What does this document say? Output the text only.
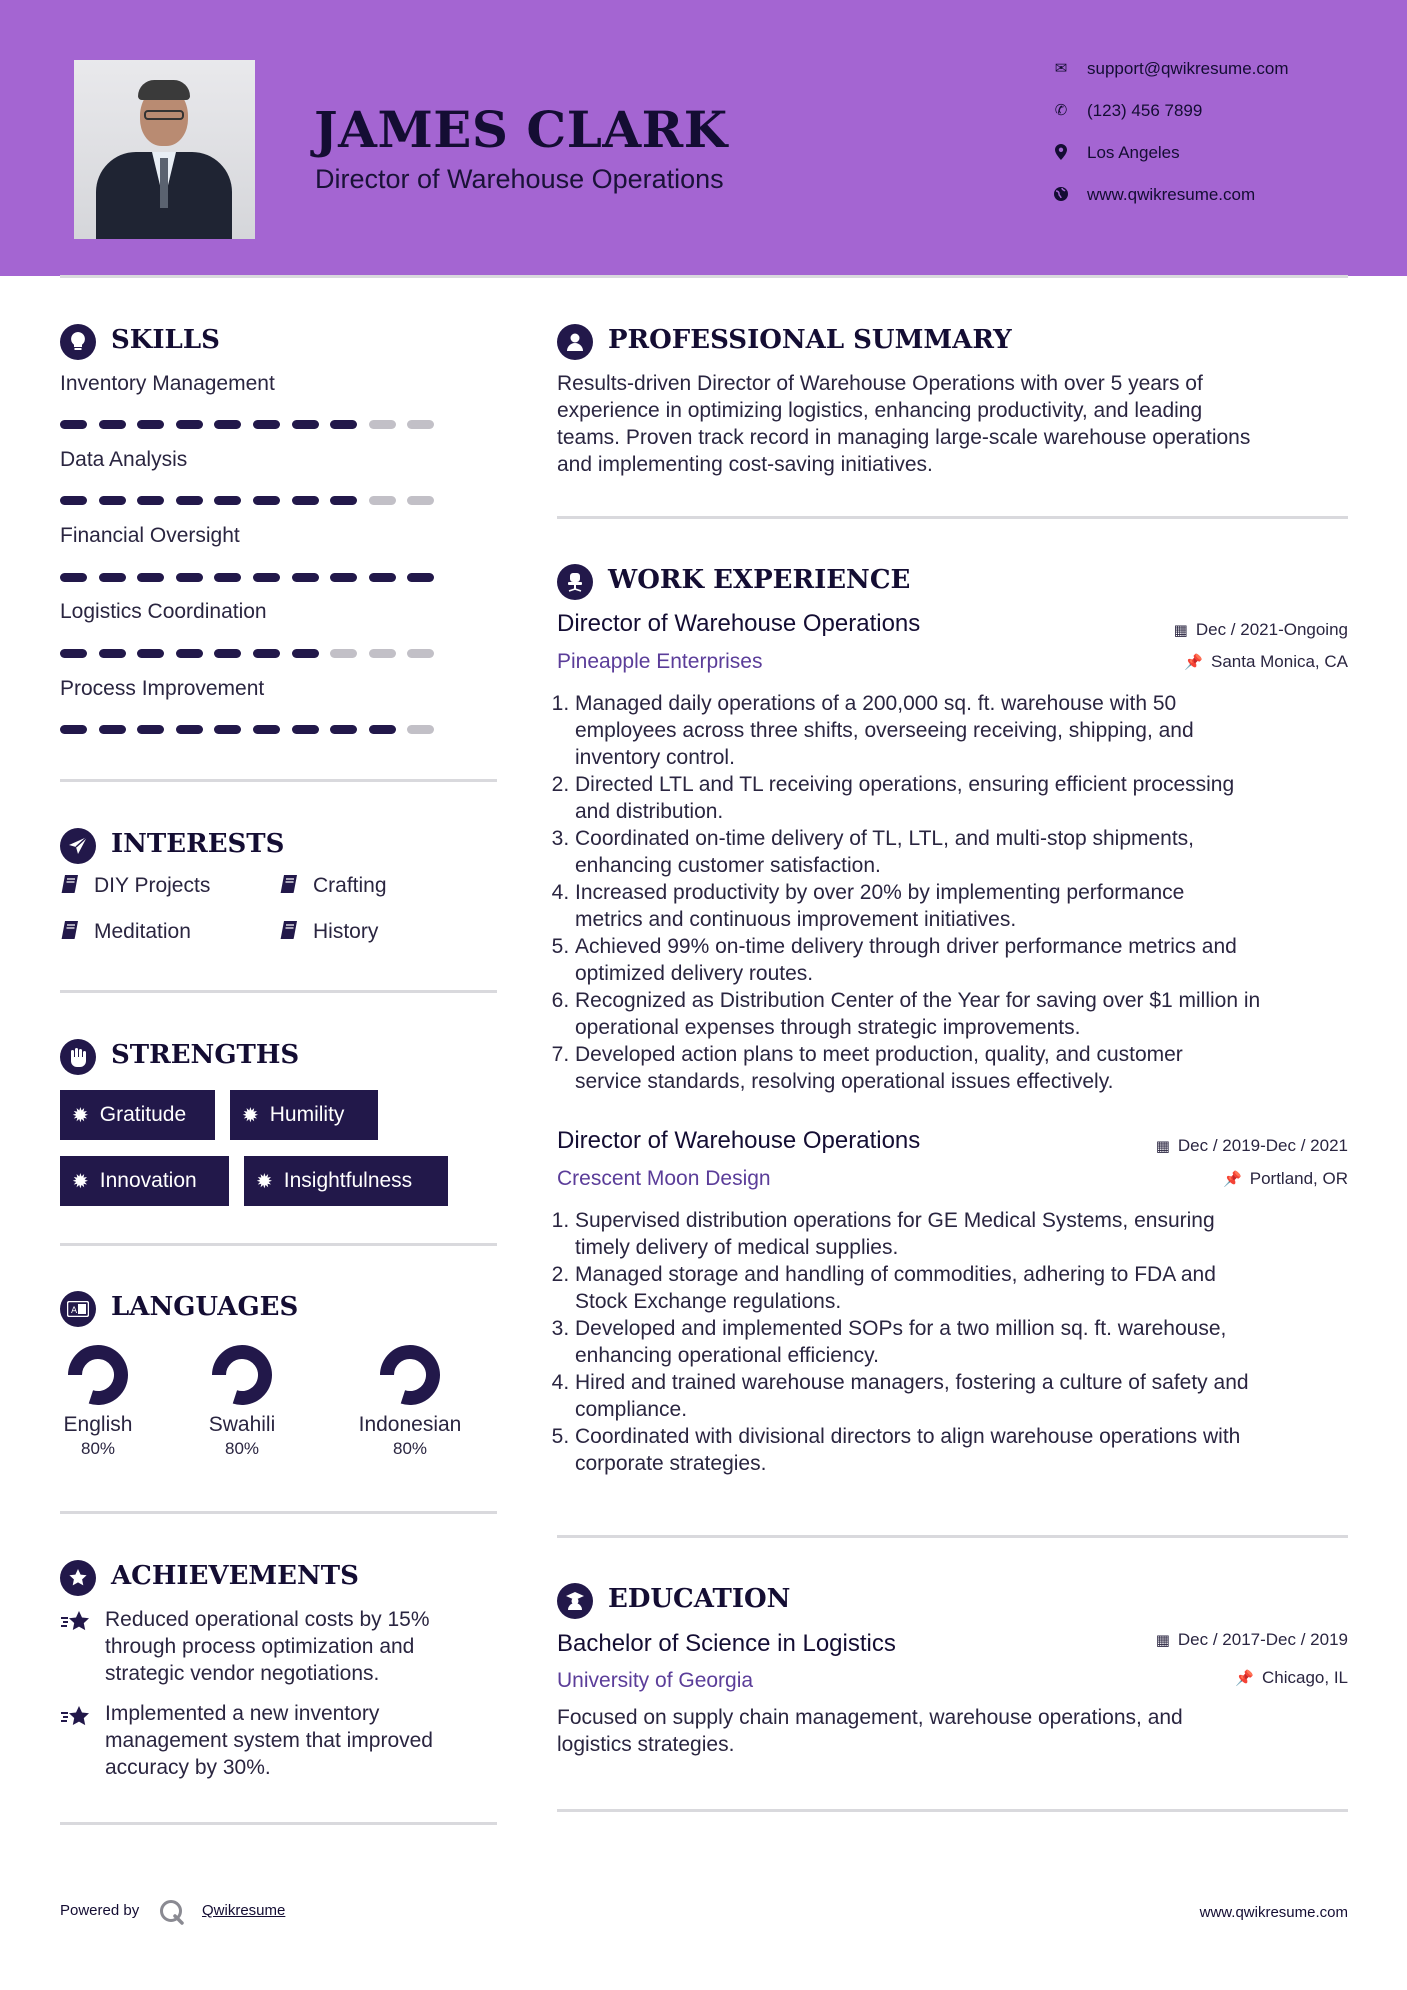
JAMES CLARK
Director of Warehouse Operations
✉ support@qwikresume.com
✆ (123) 456 7899
Los Angeles
www.qwikresume.com
SKILLS
Inventory Management
Data Analysis
Financial Oversight
Logistics Coordination
Process Improvement
INTERESTS
DIY Projects	Crafting
Meditation	History
STRENGTHS
✹ Gratitude	✹ Humility
✹ Innovation	✹ Insightfulness
A LANGUAGES
English
80%
Swahili
80%
Indonesian
80%
ACHIEVEMENTS
Reduced operational costs by 15%
through process optimization and
strategic vendor negotiations.
Implemented a new inventory
management system that improved
accuracy by 30%.
PROFESSIONAL SUMMARY
Results-driven Director of Warehouse Operations with over 5 years of
experience in optimizing logistics, enhancing productivity, and leading
teams. Proven track record in managing large-scale warehouse operations
and implementing cost-saving initiatives.
WORK EXPERIENCE
Director of Warehouse Operations	▦ Dec / 2021-Ongoing
Pineapple Enterprises	📌 Santa Monica, CA
1. Managed daily operations of a 200,000 sq. ft. warehouse with 50
employees across three shifts, overseeing receiving, shipping, and
inventory control.
2. Directed LTL and TL receiving operations, ensuring efficient processing
and distribution.
3. Coordinated on-time delivery of TL, LTL, and multi-stop shipments,
enhancing customer satisfaction.
4. Increased productivity by over 20% by implementing performance
metrics and continuous improvement initiatives.
5. Achieved 99% on-time delivery through driver performance metrics and
optimized delivery routes.
6. Recognized as Distribution Center of the Year for saving over $1 million in
operational expenses through strategic improvements.
7. Developed action plans to meet production, quality, and customer
service standards, resolving operational issues effectively.
Director of Warehouse Operations	▦ Dec / 2019-Dec / 2021
Crescent Moon Design	📌 Portland, OR
1. Supervised distribution operations for GE Medical Systems, ensuring
timely delivery of medical supplies.
2. Managed storage and handling of commodities, adhering to FDA and
Stock Exchange regulations.
3. Developed and implemented SOPs for a two million sq. ft. warehouse,
enhancing operational efficiency.
4. Hired and trained warehouse managers, fostering a culture of safety and
compliance.
5. Coordinated with divisional directors to align warehouse operations with
corporate strategies.
EDUCATION
Bachelor of Science in Logistics	▦ Dec / 2017-Dec / 2019
University of Georgia	📌 Chicago, IL
Focused on supply chain management, warehouse operations, and
logistics strategies.
Powered by	Qwikresume	www.qwikresume.com
